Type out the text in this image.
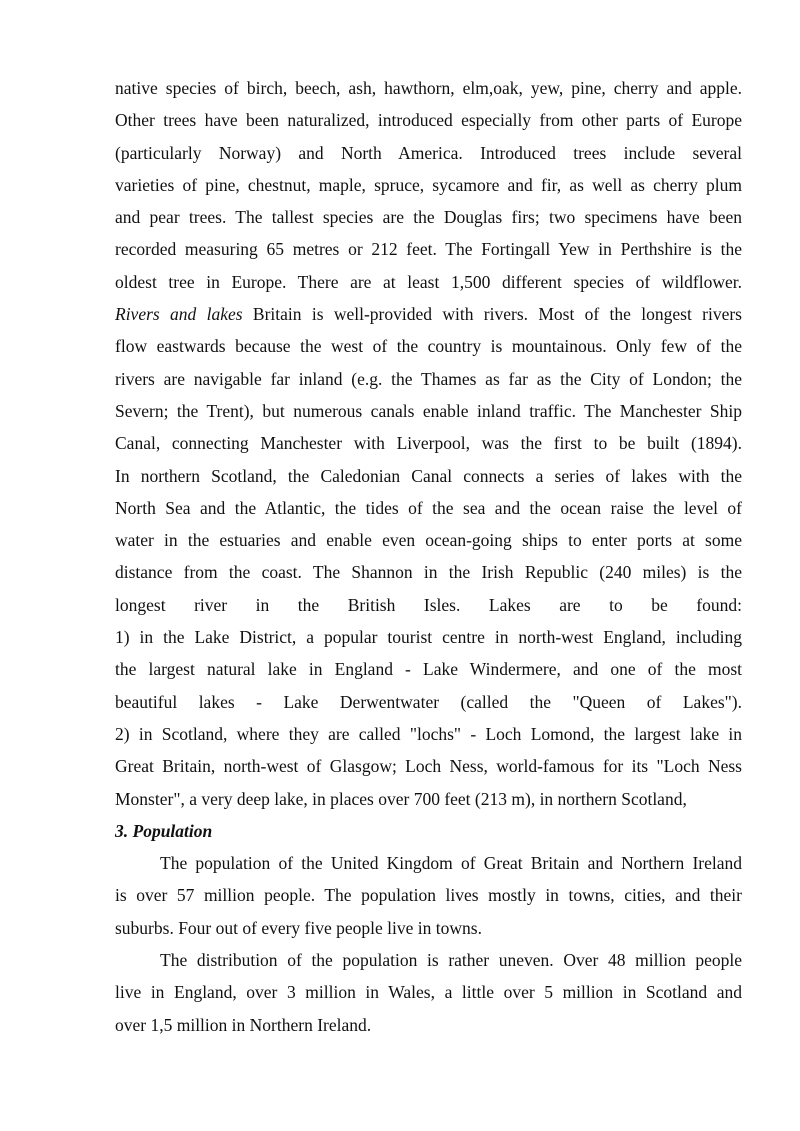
native species of birch, beech, ash, hawthorn, elm,oak, yew, pine, cherry and apple.
Other trees have been naturalized, introduced especially from other parts of Europe
(particularly Norway) and North America. Introduced trees include several
varieties of pine, chestnut, maple, spruce, sycamore and fir, as well as cherry plum
and pear trees. The tallest species are the Douglas firs; two specimens have been
recorded measuring 65 metres or 212 feet. The Fortingall Yew in Perthshire is the
oldest tree in Europe. There are at least 1,500 different species of wildflower.
Rivers and lakes Britain is well-provided with rivers. Most of the longest rivers
flow eastwards because the west of the country is mountainous. Only few of the
rivers are navigable far inland (e.g. the Thames as far as the City of London; the
Severn; the Trent), but numerous canals enable inland traffic. The Manchester Ship
Canal, connecting Manchester with Liverpool, was the first to be built (1894).
In northern Scotland, the Caledonian Canal connects a series of lakes with the
North Sea and the Atlantic, the tides of the sea and the ocean raise the level of
water in the estuaries and enable even ocean-going ships to enter ports at some
distance from the coast. The Shannon in the Irish Republic (240 miles) is the
longest river in the British Isles. Lakes are to be found:
1) in the Lake District, a popular tourist centre in north-west England, including
the largest natural lake in England - Lake Windermere, and one of the most
beautiful lakes - Lake Derwentwater (called the "Queen of Lakes").
2) in Scotland, where they are called "lochs" - Loch Lomond, the largest lake in
Great Britain, north-west of Glasgow; Loch Ness, world-famous for its "Loch Ness
Monster", a very deep lake, in places over 700 feet (213 m), in northern Scotland,
3. Population
The population of the United Kingdom of Great Britain and Northern Ireland
is over 57 million people. The population lives mostly in towns, cities, and their
suburbs. Four out of every five people live in towns.
The distribution of the population is rather uneven. Over 48 million people
live in England, over 3 million in Wales, a little over 5 million in Scotland and
over 1,5 million in Northern Ireland.
